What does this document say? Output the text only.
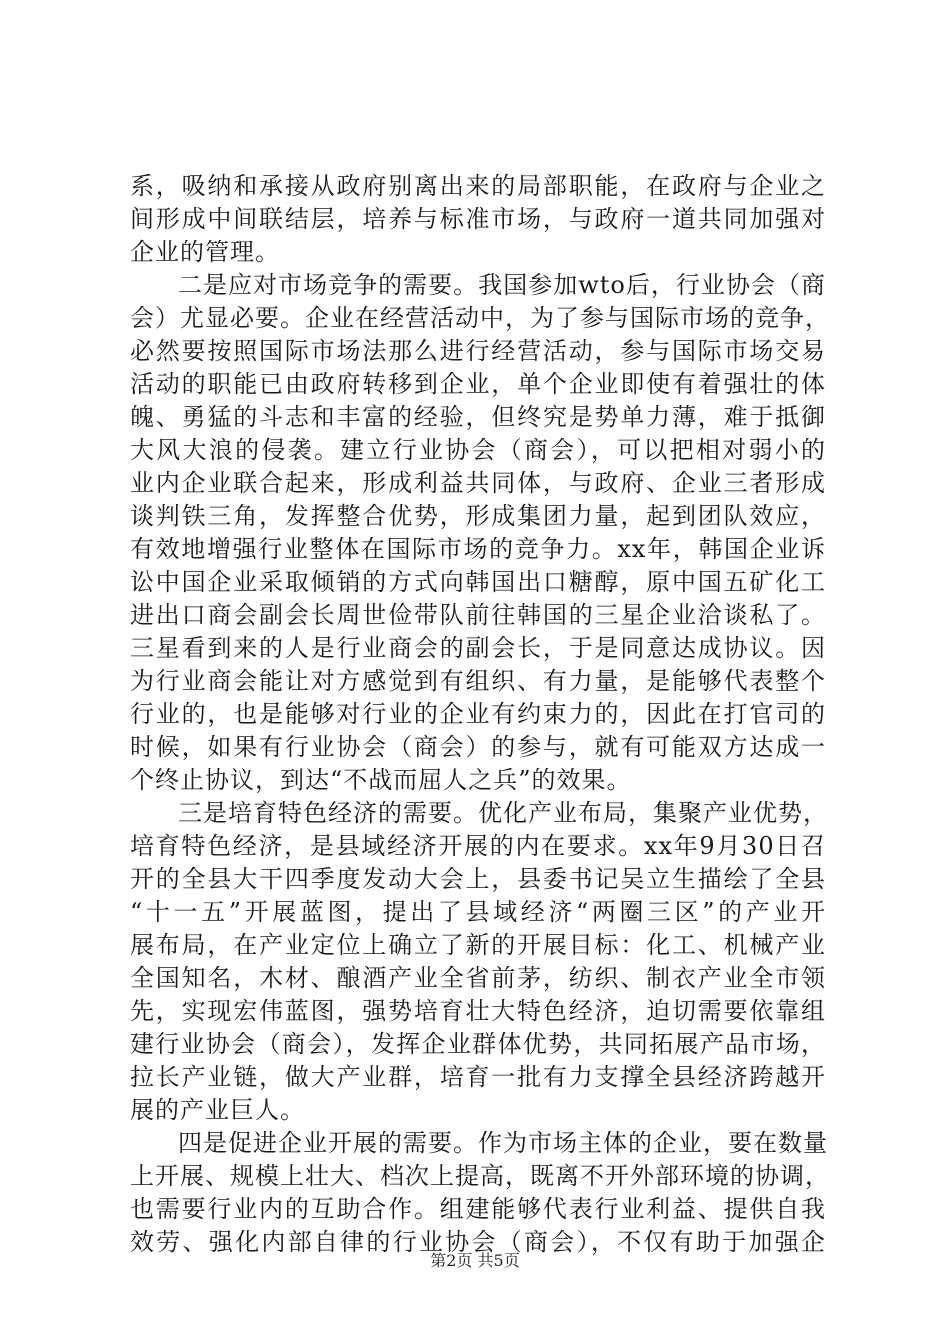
系，吸纳和承接从政府别离出来的局部职能，在政府与企业之
间形成中间联结层，培养与标准市场，与政府一道共同加强对
企业的管理。
二是应对市场竞争的需要。我国参加wto后，行业协会（商
会）尤显必要。企业在经营活动中，为了参与国际市场的竞争，
必然要按照国际市场法那么进行经营活动，参与国际市场交易
活动的职能已由政府转移到企业，单个企业即使有着强壮的体
魄、勇猛的斗志和丰富的经验，但终究是势单力薄，难于抵御
大风大浪的侵袭。建立行业协会（商会），可以把相对弱小的
业内企业联合起来，形成利益共同体，与政府、企业三者形成
谈判铁三角，发挥整合优势，形成集团力量，起到团队效应，
有效地增强行业整体在国际市场的竞争力。xx年，韩国企业诉
讼中国企业采取倾销的方式向韩国出口糖醇，原中国五矿化工
进出口商会副会长周世俭带队前往韩国的三星企业洽谈私了。
三星看到来的人是行业商会的副会长，于是同意达成协议。因
为行业商会能让对方感觉到有组织、有力量，是能够代表整个
行业的，也是能够对行业的企业有约束力的，因此在打官司的
时候，如果有行业协会（商会）的参与，就有可能双方达成一
个终止协议，到达“不战而屈人之兵”的效果。
三是培育特色经济的需要。优化产业布局，集聚产业优势，
培育特色经济，是县域经济开展的内在要求。xx年9月30日召
开的全县大干四季度发动大会上，县委书记吴立生描绘了全县
“十一五”开展蓝图，提出了县域经济“两圈三区”的产业开
展布局，在产业定位上确立了新的开展目标：化工、机械产业
全国知名，木材、酿酒产业全省前茅，纺织、制衣产业全市领
先，实现宏伟蓝图，强势培育壮大特色经济，迫切需要依靠组
建行业协会（商会），发挥企业群体优势，共同拓展产品市场，
拉长产业链，做大产业群，培育一批有力支撑全县经济跨越开
展的产业巨人。
四是促进企业开展的需要。作为市场主体的企业，要在数量
上开展、规模上壮大、档次上提高，既离不开外部环境的协调，
也需要行业内的互助合作。组建能够代表行业利益、提供自我
效劳、强化内部自律的行业协会（商会），不仅有助于加强企
第2页 共5页
